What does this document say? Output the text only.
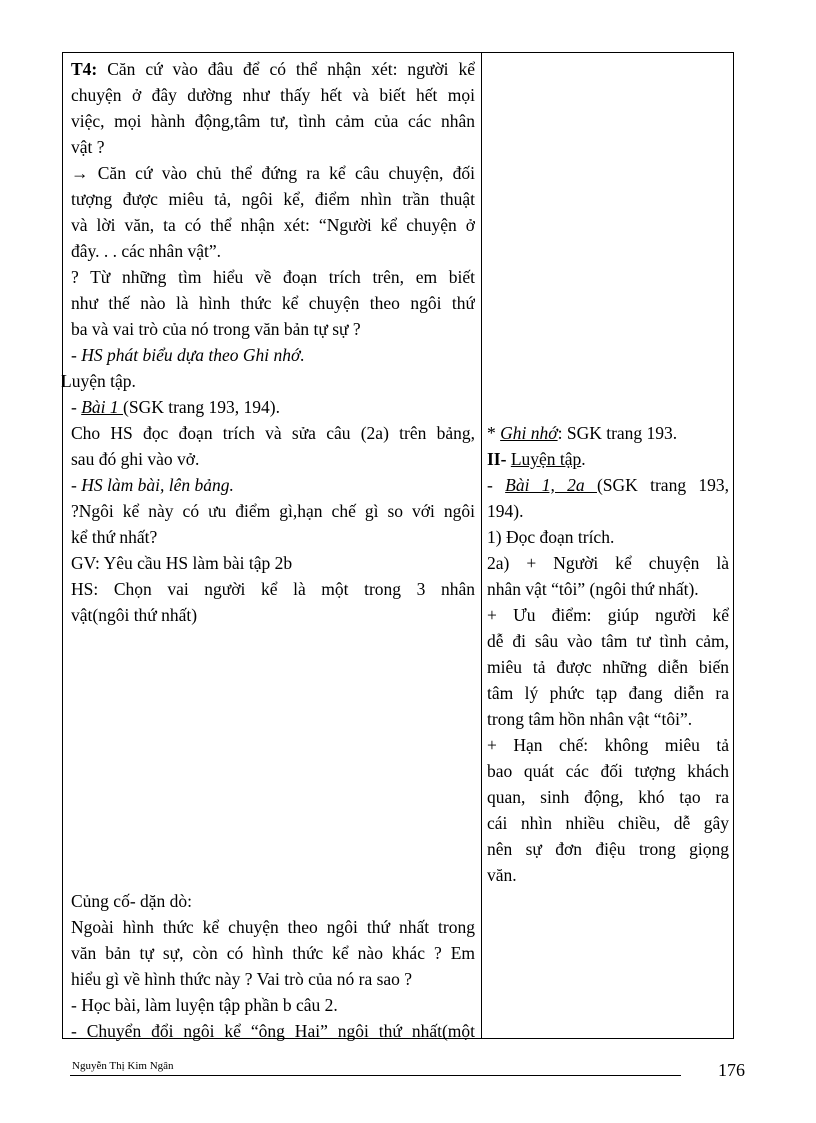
T4: Căn cứ vào đâu để có thể nhận xét: người kể
chuyện ở đây dường như thấy hết và biết hết mọi
việc, mọi hành động,tâm tư, tình cảm của các nhân
vật ?
→ Căn cứ vào chủ thể đứng ra kể câu chuyện, đối
tượng được miêu tả, ngôi kể, điểm nhìn trần thuật
và lời văn, ta có thể nhận xét: “Người kể chuyện ở
đây. . . các nhân vật”.
? Từ những tìm hiểu về đoạn trích trên, em biết
như thế nào là hình thức kể chuyện theo ngôi thứ
ba và vai trò của nó trong văn bản tự sự ?
- HS phát biểu dựa theo Ghi nhớ.
Luyện tập.
- Bài 1 (SGK trang 193, 194).
Cho HS đọc đoạn trích và sửa câu (2a) trên bảng,
sau đó ghi vào vở.
- HS làm bài, lên bảng.
?Ngôi kể này có ưu điểm gì,hạn chế gì so với ngôi
kể thứ nhất?
GV: Yêu cầu HS làm bài tập 2b
HS: Chọn vai người kể là một trong 3 nhân
vật(ngôi thứ nhất)
Củng cố- dặn dò:
Ngoài hình thức kể chuyện theo ngôi thứ nhất trong
văn bản tự sự, còn có hình thức kể nào khác ? Em
hiểu gì về hình thức này ? Vai trò của nó ra sao ?
- Học bài, làm luyện tập phần b câu 2.
- Chuyển đổi ngôi kể “ông Hai” ngôi thứ nhất(một
* Ghi nhớ: SGK trang 193.
II- Luyện tập.
- Bài 1, 2a (SGK trang 193,
194).
1) Đọc đoạn trích.
2a) + Người kể chuyện là
nhân vật “tôi” (ngôi thứ nhất).
+ Ưu điểm: giúp người kể
dễ đi sâu vào tâm tư tình cảm,
miêu tả được những diễn biến
tâm lý phức tạp đang diễn ra
trong tâm hồn nhân vật “tôi”.
+ Hạn chế: không miêu tả
bao quát các đối tượng khách
quan, sinh động, khó tạo ra
cái nhìn nhiều chiều, dễ gây
nên sự đơn điệu trong giọng
văn.
Nguyễn Thị Kim Ngân	176
